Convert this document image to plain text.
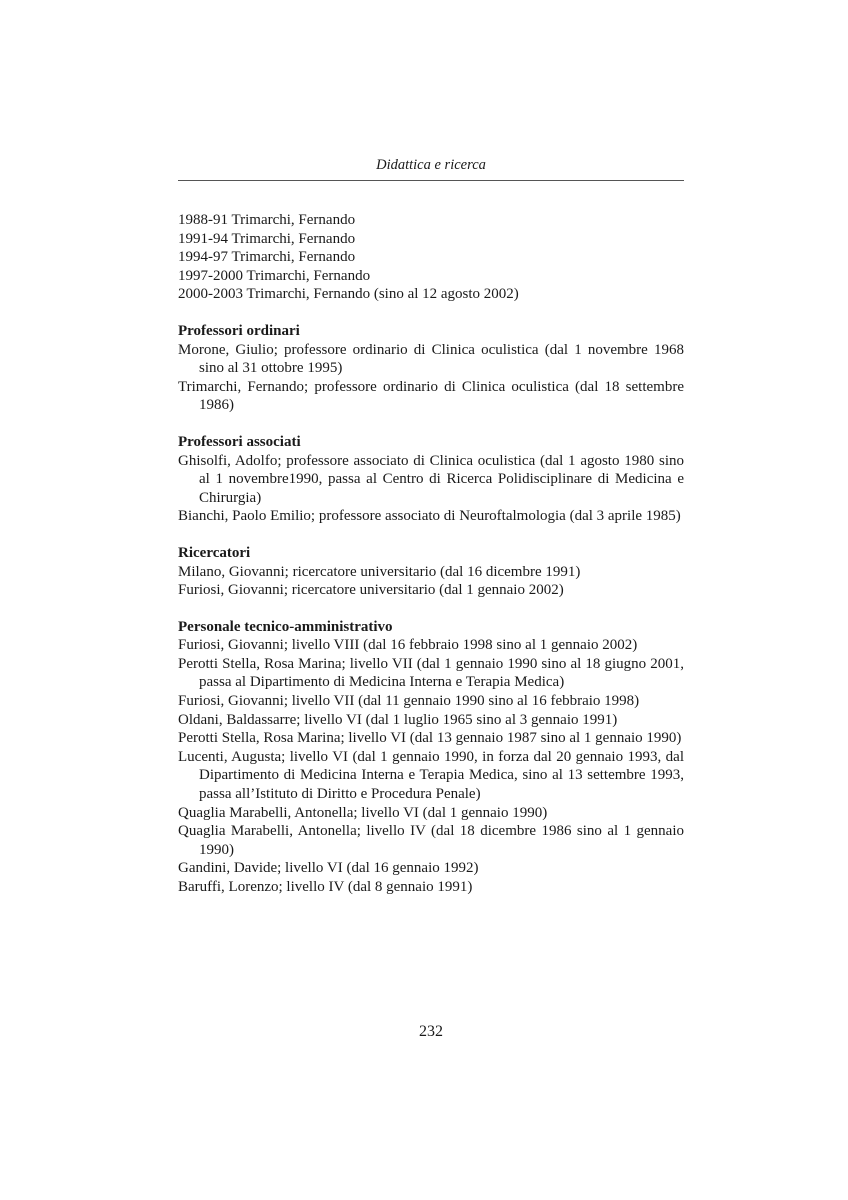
Didattica e ricerca
1988-91 Trimarchi, Fernando
1991-94 Trimarchi, Fernando
1994-97 Trimarchi, Fernando
1997-2000 Trimarchi, Fernando
2000-2003 Trimarchi, Fernando (sino al 12 agosto 2002)
Professori ordinari
Morone, Giulio; professore ordinario di Clinica oculistica (dal 1 novembre 1968 sino al 31 ottobre 1995)
Trimarchi, Fernando; professore ordinario di Clinica oculistica (dal 18 settembre 1986)
Professori associati
Ghisolfi, Adolfo; professore associato di Clinica oculistica (dal 1 agosto 1980 sino al 1 novembre1990, passa al Centro di Ricerca Polidisciplinare di Medicina e Chirurgia)
Bianchi, Paolo Emilio; professore associato di Neuroftalmologia (dal 3 aprile 1985)
Ricercatori
Milano, Giovanni; ricercatore universitario (dal 16 dicembre 1991)
Furiosi, Giovanni; ricercatore universitario (dal 1 gennaio 2002)
Personale tecnico-amministrativo
Furiosi, Giovanni; livello VIII (dal 16 febbraio 1998 sino al 1 gennaio 2002)
Perotti Stella, Rosa Marina; livello VII (dal 1 gennaio 1990 sino al 18 giugno 2001, passa al Dipartimento di Medicina Interna e Terapia Medica)
Furiosi, Giovanni; livello VII (dal 11 gennaio 1990 sino al 16 febbraio 1998)
Oldani, Baldassarre; livello VI (dal 1 luglio 1965 sino al 3 gennaio 1991)
Perotti Stella, Rosa Marina; livello VI (dal 13 gennaio 1987 sino al 1 gennaio 1990)
Lucenti, Augusta; livello VI (dal 1 gennaio 1990, in forza dal 20 gennaio 1993, dal Dipartimento di Medicina Interna e Terapia Medica, sino al 13 settembre 1993, passa all’Istituto di Diritto e Procedura Penale)
Quaglia Marabelli, Antonella; livello VI (dal 1 gennaio 1990)
Quaglia Marabelli, Antonella; livello IV (dal 18 dicembre 1986 sino al 1 gennaio 1990)
Gandini, Davide; livello VI (dal 16 gennaio 1992)
Baruffi, Lorenzo; livello IV (dal 8 gennaio 1991)
232
